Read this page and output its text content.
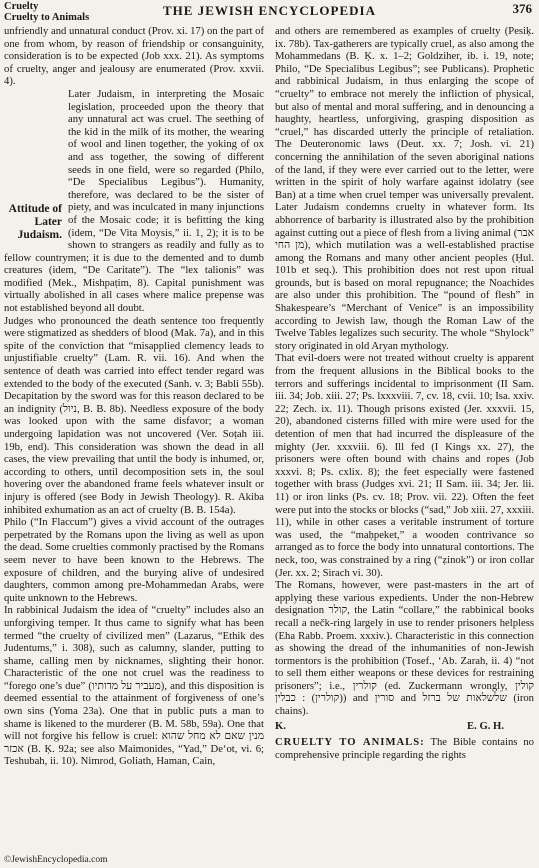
Cruelty
Cruelty to Animals	THE JEWISH ENCYCLOPEDIA	376

unfriendly and unnatural conduct (Prov. xi. 17) on the part of one from whom, by reason of friendship or consanguinity, consideration is to be expected (Job xxx. 21). As symptoms of cruelty, anger and jealousy are enumerated (Prov. xxvii. 4).

Attitude of Later Judaism.
Later Judaism, in interpreting the Mosaic legislation, proceeded upon the theory that any unnatural act was cruel. The seething of the kid in the milk of its mother, the wearing of wool and linen together, the yoking of ox and ass together, the sowing of different seeds in one field, were so regarded (Philo, “De Specialibus Legibus”). Humanity, therefore, was declared to be the sister of piety, and was inculcated in many injunctions of the Mosaic code; it is befitting the king (idem, “De Vita Moysis,” ii. 1, 2); it is to be shown to strangers as readily and fully as to fellow countrymen; it is due to the demented and to dumb creatures (idem, “De Caritate”). The “lex talionis” was modified (Mek., Mishpaṭim, 8). Capital punishment was virtually abolished in all cases where malice prepense was not established beyond all doubt.

Judges who pronounced the death sentence too frequently were stigmatized as shedders of blood (Mak. 7a), and in this spite of the conviction that “misapplied clemency leads to unjustifiable cruelty” (Lam. R. vii. 16). And when the sentence of death was carried into effect tender regard was extended to the body of the executed (Sanh. v. 3; Babli 55b). Decapitation by the sword was for this reason declared to be an indignity (ניול, B. B. 8b). Needless exposure of the body was looked upon with the same disfavor; a woman undergoing lapidation was not uncovered (Ver. Soṭah iii. 19b, end). This consideration was shown the dead in all cases, the view prevailing that until the body is inhumed, or, according to others, until decomposition sets in, the soul hovering over the abandoned frame feels whatever insult or injury is offered (see Body in Jewish Theology). R. Akiba inhibited exhumation as an act of cruelty (B. B. 154a).

Philo (“In Flaccum”) gives a vivid account of the outrages perpetrated by the Romans upon the living as well as upon the dead. Some cruelties commonly practised by the Romans seem never to have been known to the Hebrews. The exposure of children, and the burying alive of undesired daughters, common among pre-Mohammedan Arabs, were quite unknown to the Hebrews.

In rabbinical Judaism the idea of “cruelty” includes also an unforgiving temper. It thus came to signify what has been termed “the cruelty of civilized men” (Lazarus, “Ethik des Judentums,” i. 308), such as calumny, slander, putting to shame, calling men by nicknames, slighting their honor. Characteristic of the one not cruel was the readiness to “forego one’s due” (מעביר על מדותיו), and this disposition is deemed essential to the attainment of forgiveness of one’s own sins (Yoma 23a). One that in public puts a man to shame is likened to the murderer (B. M. 58b, 59a). One that will not forgive his fellow is cruel: מנין שאם לא מחל שהוא אכזר (B. Ḳ. 92a; see also Maimonides, “Yad,” De‘ot, vi. 6; Teshubah, ii. 10). Nimrod, Goliath, Haman, Cain,

and others are remembered as examples of cruelty (Pesiḳ. ix. 78b). Tax-gatherers are typically cruel, as also among the Mohammedans (B. Ḳ. x. 1–2; Goldziher, ib. i. 19, note; Philo, “De Specialibus Legibus”; see Publicans). Prophetic and rabbinical Judaism, in thus enlarging the scope of “cruelty” to embrace not merely the infliction of physical, but also of mental and moral suffering, and in denouncing a haughty, heartless, unforgiving, grasping disposition as “cruel,” has discarded utterly the principle of retaliation. The Deuteronomic laws (Deut. xx. 7; Josh. vi. 21) concerning the annihilation of the seven aboriginal nations of the land, if they were ever carried out to the letter, were written in the spirit of holy warfare against idolatry (see Ban) at a time when cruel temper was universally prevalent. Later Judaism condemns cruelty in whatever form. Its abhorrence of barbarity is illustrated also by the prohibition against cutting out a piece of flesh from a living animal (אבר מן החי), which mutilation was a well-established practise among the Romans and many other ancient peoples (Ḥul. 101b et seq.). This prohibition does not rest upon ritual grounds, but is based on moral repugnance; the Noachides are also under this prohibition. The “pound of flesh” in Shakespeare’s “Merchant of Venice” is an impossibility according to Jewish law, though the Roman Law of the Twelve Tables legalizes such security. The whole “Shylock” story originated in old Aryan mythology.

That evil-doers were not treated without cruelty is apparent from the frequent allusions in the Biblical books to the terrors and sufferings incidental to imprisonment (II Sam. iii. 34; Job. xiii. 27; Ps. lxxxviii. 7, cv. 18, cvii. 10; Isa. xxiv. 22; Zech. ix. 11). Though prisons existed (Jer. xxxvii. 15, 20), abandoned cisterns filled with mire were used for the detention of men that had incurred the displeasure of the mighty (Jer. xxxviii. 6). Ill fed (I Kings xx. 27), the prisoners were often bound with chains and ropes (Job xxxvi. 8; Ps. cxlix. 8); the feet especially were fastened together with brass (Judges xvi. 21; II Sam. iii. 34; Jer. lii. 11) or iron links (Ps. cv. 18; Prov. vii. 22). Often the feet were put into the stocks or blocks (“sad,” Job xiii. 27, xxxiii. 11), while in other cases a veritable instrument of torture was used, the “maḥpeket,” a wooden contrivance so arranged as to force the body into unnatural contortions. The neck, too, was constrained by a ring (“ẓinok”) or iron collar (Jer. xx. 2; Sirach vi. 30).

The Romans, however, were past-masters in the art of applying these various expedients. Under the non-Hebrew designation קולר, the Latin “collare,” the rabbinical books recall a nečk-ring largely in use to render prisoners helpless (Eha Rabb. Proem. xxxiv.). Characteristic in this connection as showing the dread of the inhumanities of non-Jewish tormentors is the prohibition (Tosef., ‘Ab. Zarah, ii. 4) “not to sell them either weapons or these devices for restraining prisoners”; i.e., קולרין (ed. Zuckermann wrongly, קולין (קולרין) : כבלין) and סורין and שלשלאות של ברזל (iron chains).

K.	E. G. H.

CRUELTY TO ANIMALS: The Bible contains no comprehensive principle regarding the rights

©JewishEncyclopedia.com
